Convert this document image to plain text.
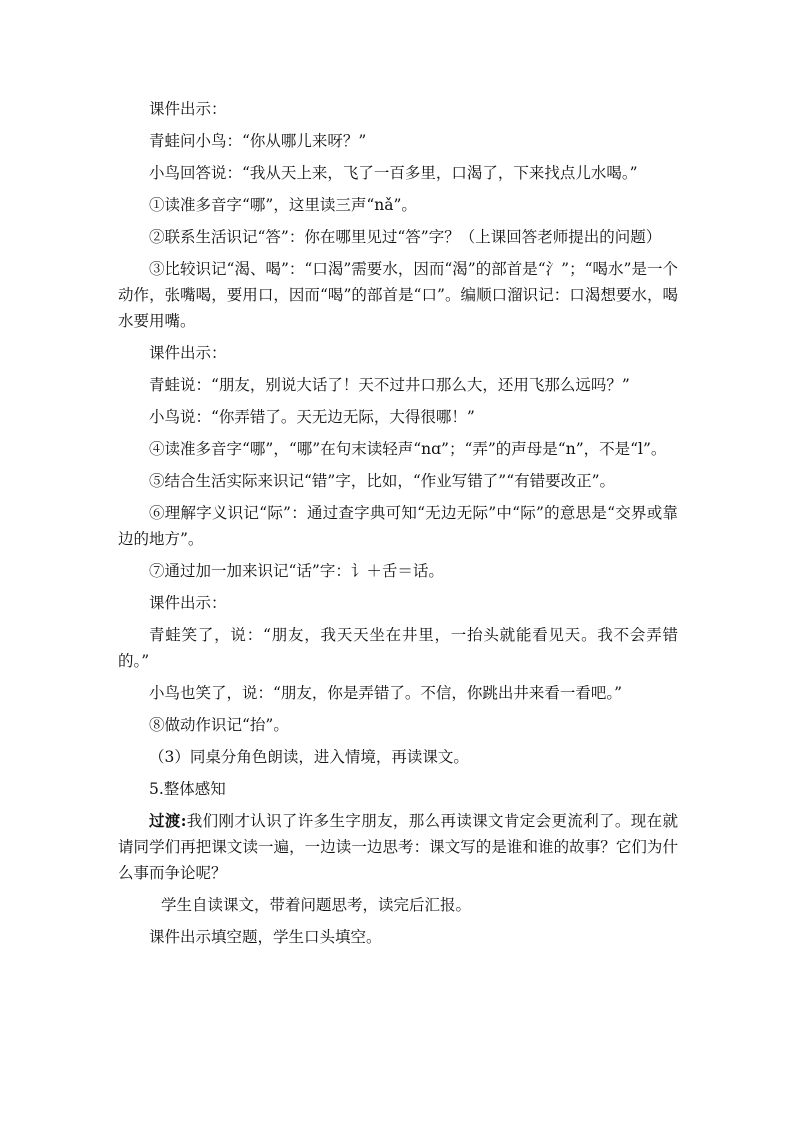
课件出示：

青蛙问小鸟：“你从哪儿来呀？”

小鸟回答说：“我从天上来，飞了一百多里，口渴了，下来找点儿水喝。”

①读准多音字“哪”，这里读三声“nǎ”。

②联系生活识记“答”：你在哪里见过“答”字？（上课回答老师提出的问题）

③比较识记“渴、喝”：“口渴”需要水，因而“渴”的部首是“氵”；“喝水”是一个动作，张嘴喝，要用口，因而“喝”的部首是“口”。编顺口溜识记：口渴想要水，喝水要用嘴。

课件出示：

青蛙说：“朋友，别说大话了！天不过井口那么大，还用飞那么远吗？”

小鸟说：“你弄错了。天无边无际，大得很哪！”

④读准多音字“哪”，“哪”在句末读轻声“nɑ”；“弄”的声母是“n”，不是“l”。

⑤结合生活实际来识记“错”字，比如，“作业写错了”“有错要改正”。

⑥理解字义识记“际”：通过查字典可知“无边无际”中“际”的意思是“交界或靠边的地方”。

⑦通过加一加来识记“话”字：讠＋舌＝话。

课件出示：

青蛙笑了，说：“朋友，我天天坐在井里，一抬头就能看见天。我不会弄错的。”

小鸟也笑了，说：“朋友，你是弄错了。不信，你跳出井来看一看吧。”

⑧做动作识记“抬”。

（3）同桌分角色朗读，进入情境，再读课文。

5.整体感知

过渡:我们刚才认识了许多生字朋友，那么再读课文肯定会更流利了。现在就请同学们再把课文读一遍，一边读一边思考：课文写的是谁和谁的故事？它们为什么事而争论呢？

学生自读课文，带着问题思考，读完后汇报。

课件出示填空题，学生口头填空。
